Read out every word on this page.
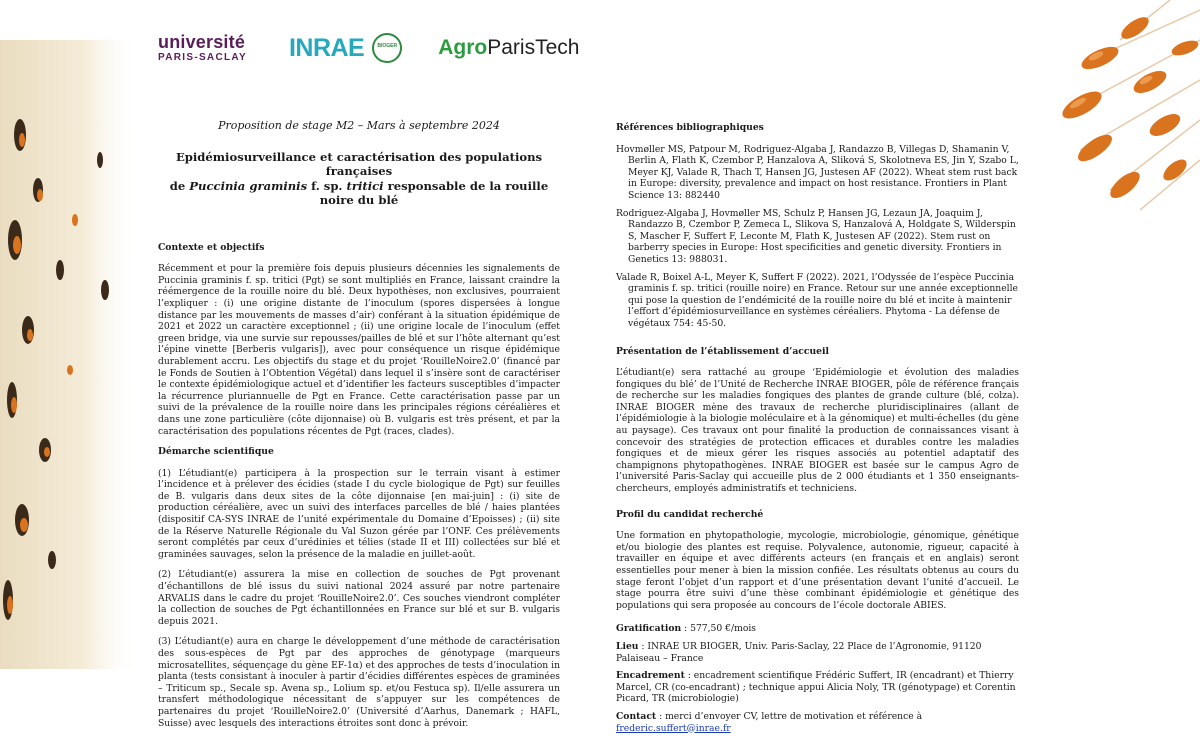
université
PARIS-SACLAY INRAE	BIOGER AgroParisTech
Proposition de stage M2 – Mars à septembre 2024
Epidémiosurveillance et caractérisation des populations françaises
de Puccinia graminis f. sp. tritici responsable de la rouille noire du blé
Contexte et objectifs

Récemment et pour la première fois depuis plusieurs décennies les signalements de Puccinia graminis f. sp. tritici (Pgt) se sont multipliés en France, laissant craindre la réémergence de la rouille noire du blé. Deux hypothèses, non exclusives, pourraient l’expliquer : (i) une origine distante de l’inoculum (spores dispersées à longue distance par les mouvements de masses d’air) conférant à la situation épidémique de 2021 et 2022 un caractère exceptionnel ; (ii) une origine locale de l’inoculum (effet green bridge, via une survie sur repousses/pailles de blé et sur l’hôte alternant qu’est l’épine vinette [Berberis vulgaris]), avec pour conséquence un risque épidémique durablement accru. Les objectifs du stage et du projet ‘RouilleNoire2.0’ (financé par le Fonds de Soutien à l’Obtention Végétal) dans lequel il s’insère sont de caractériser le contexte épidémiologique actuel et d’identifier les facteurs susceptibles d’impacter la récurrence pluriannuelle de Pgt en France. Cette caractérisation passe par un suivi de la prévalence de la rouille noire dans les principales régions céréalières et dans une zone particulière (côte dijonnaise) où B. vulgaris est très présent, et par la caractérisation des populations récentes de Pgt (races, clades).

Démarche scientifique

(1) L’étudiant(e) participera à la prospection sur le terrain visant à estimer l’incidence et à prélever des écidies (stade I du cycle biologique de Pgt) sur feuilles de B. vulgaris dans deux sites de la côte dijonnaise [en mai-juin] : (i) site de production céréalière, avec un suivi des interfaces parcelles de blé / haies plantées (dispositif CA-SYS INRAE de l’unité expérimentale du Domaine d’Epoisses) ; (ii) site de la Réserve Naturelle Régionale du Val Suzon gérée par l’ONF. Ces prélèvements seront complétés par ceux d’urédinies et télies (stade II et III) collectées sur blé et graminées sauvages, selon la présence de la maladie en juillet-août.

(2) L’étudiant(e) assurera la mise en collection de souches de Pgt provenant d’échantillons de blé issus du suivi national 2024 assuré par notre partenaire ARVALIS dans le cadre du projet ‘RouilleNoire2.0’. Ces souches viendront compléter la collection de souches de Pgt échantillonnées en France sur blé et sur B. vulgaris depuis 2021.

(3) L’étudiant(e) aura en charge le développement d’une méthode de caractérisation des sous-espèces de Pgt par des approches de génotypage (marqueurs microsatellites, séquençage du gène EF-1α) et des approches de tests d’inoculation in planta (tests consistant à inoculer à partir d’écidies différentes espèces de graminées – Triticum sp., Secale sp. Avena sp., Lolium sp. et/ou Festuca sp). Il/elle assurera un transfert méthodologique nécessitant de s’appuyer sur les compétences de partenaires du projet ‘RouilleNoire2.0’ (Université d’Aarhus, Danemark ; HAFL, Suisse) avec lesquels des interactions étroites sont donc à prévoir.

Références bibliographiques

Hovmøller MS, Patpour M, Rodriguez-Algaba J, Randazzo B, Villegas D, Shamanin V, Berlin A, Flath K, Czembor P, Hanzalova A, Sliková S, Skolotneva ES, Jin Y, Szabo L, Meyer KJ, Valade R, Thach T, Hansen JG, Justesen AF (2022). Wheat stem rust back in Europe: diversity, prevalence and impact on host resistance. Frontiers in Plant Science 13: 882440

Rodriguez-Algaba J, Hovmøller MS, Schulz P, Hansen JG, Lezaun JA, Joaquim J, Randazzo B, Czembor P, Zemeca L, Slikova S, Hanzalová A, Holdgate S, Wilderspin S, Mascher F, Suffert F, Leconte M, Flath K, Justesen AF (2022). Stem rust on barberry species in Europe: Host specificities and genetic diversity. Frontiers in Genetics 13: 988031.

Valade R, Boixel A-L, Meyer K, Suffert F (2022). 2021, l’Odyssée de l’espèce Puccinia graminis f. sp. tritici (rouille noire) en France. Retour sur une année exceptionnelle qui pose la question de l’endémicité de la rouille noire du blé et incite à maintenir l’effort d’épidémiosurveillance en systèmes céréaliers. Phytoma - La défense de végétaux 754: 45-50.

Présentation de l’établissement d’accueil

L’étudiant(e) sera rattaché au groupe ‘Epidémiologie et évolution des maladies fongiques du blé’ de l’Unité de Recherche INRAE BIOGER, pôle de référence français de recherche sur les maladies fongiques des plantes de grande culture (blé, colza). INRAE BIOGER mène des travaux de recherche pluridisciplinaires (allant de l’épidémiologie à la biologie moléculaire et à la génomique) et multi-échelles (du gène au paysage). Ces travaux ont pour finalité la production de connaissances visant à concevoir des stratégies de protection efficaces et durables contre les maladies fongiques et de mieux gérer les risques associés au potentiel adaptatif des champignons phytopathogènes. INRAE BIOGER est basée sur le campus Agro de l’université Paris-Saclay qui accueille plus de 2 000 étudiants et 1 350 enseignants-chercheurs, employés administratifs et techniciens.

Profil du candidat recherché

Une formation en phytopathologie, mycologie, microbiologie, génomique, génétique et/ou biologie des plantes est requise. Polyvalence, autonomie, rigueur, capacité à travailler en équipe et avec différents acteurs (en français et en anglais) seront essentielles pour mener à bien la mission confiée. Les résultats obtenus au cours du stage feront l’objet d’un rapport et d’une présentation devant l’unité d’accueil. Le stage pourra être suivi d’une thèse combinant épidémiologie et génétique des populations qui sera proposée au concours de l’école doctorale ABIES.

Gratification : 577,50 €/mois
Lieu : INRAE UR BIOGER, Univ. Paris-Saclay, 22 Place de l’Agronomie, 91120 Palaiseau – France
Encadrement : encadrement scientifique Frédéric Suffert, IR (encadrant) et Thierry Marcel, CR (co-encadrant) ; technique appui Alicia Noly, TR (génotypage) et Corentin Picard, TR (microbiologie)
Contact : merci d’envoyer CV, lettre de motivation et référence à frederic.suffert@inrae.fr
